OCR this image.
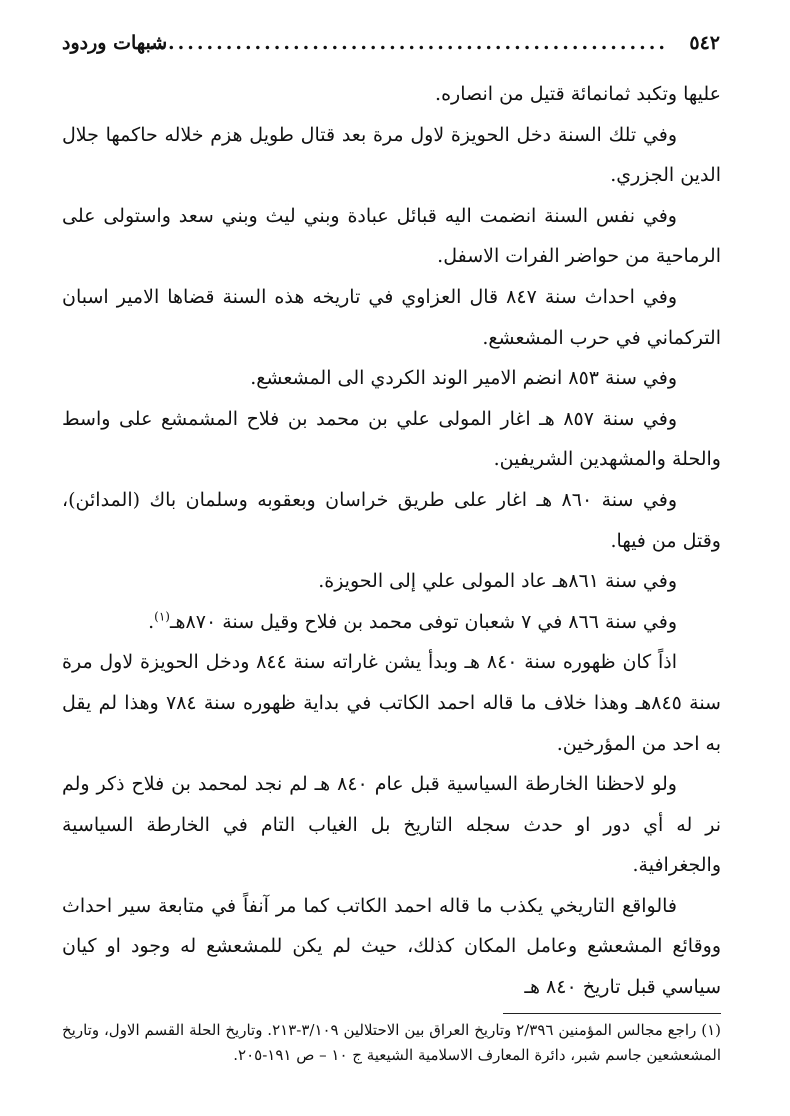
٥٤٢
......................................................
شبهات وردود

عليها وتكبد ثمانمائة قتيل من انصاره.

وفي تلك السنة دخل الحويزة لاول مرة بعد قتال طويل هزم خلاله حاكمها جلال الدين الجزري.

وفي نفس السنة انضمت اليه قبائل عبادة وبني ليث وبني سعد واستولى على الرماحية من حواضر الفرات الاسفل.

وفي احداث سنة ٨٤٧ قال العزاوي في تاريخه هذه السنة قضاها الامير اسبان التركماني في حرب المشعشع.

وفي سنة ٨٥٣ انضم الامير الوند الكردي الى المشعشع.

وفي سنة ٨٥٧ هـ اغار المولى علي بن محمد بن فلاح المشمشع على واسط والحلة والمشهدين الشريفين.

وفي سنة ٨٦٠ هـ اغار على طريق خراسان وبعقوبه وسلمان باك (المدائن)، وقتل من فيها.

وفي سنة ٨٦١هـ عاد المولى علي إلى الحويزة.

وفي سنة ٨٦٦ في ٧ شعبان توفى محمد بن فلاح وقيل سنة ٨٧٠هـ$^{(١)}$.

اذاً كان ظهوره سنة ٨٤٠ هـ وبدأ يشن غاراته سنة ٨٤٤ ودخل الحويزة لاول مرة سنة ٨٤٥هـ وهذا خلاف ما قاله احمد الكاتب في بداية ظهوره سنة ٧٨٤ وهذا لم يقل به احد من المؤرخين.

ولو لاحظنا الخارطة السياسية قبل عام ٨٤٠ هـ لم نجد لمحمد بن فلاح ذكر ولم نر له أي دور او حدث سجله التاريخ بل الغياب التام في الخارطة السياسية والجغرافية.

فالواقع التاريخي يكذب ما قاله احمد الكاتب كما مر آنفاً في متابعة سير احداث ووقائع المشعشع وعامل المكان كذلك، حيث لم يكن للمشعشع له وجود او كيان سياسي قبل تاريخ ٨٤٠ هـ

(١) راجع مجالس المؤمنين ٢/٣٩٦ وتاريخ العراق بين الاحتلالين ٣/١٠٩-٢١٣. وتاريخ الحلة القسم الاول، وتاريخ المشعشعين جاسم شبر، دائرة المعارف الاسلامية الشيعية ج ١٠ – ص ١٩١-٢٠٥.
